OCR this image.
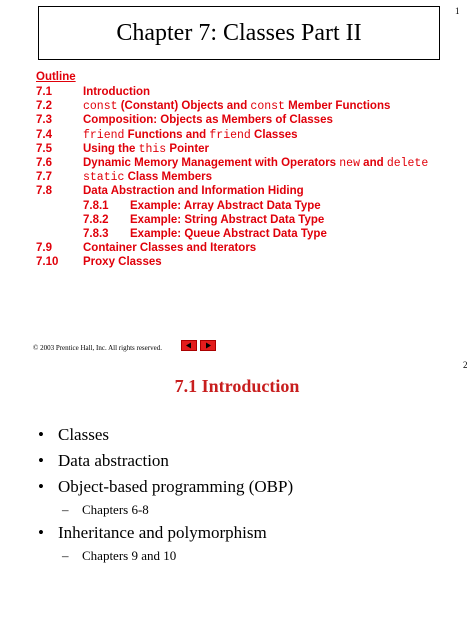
1
Chapter 7: Classes Part II
Outline
7.1	Introduction
7.2	const (Constant) Objects and const Member Functions
7.3	Composition: Objects as Members of Classes
7.4	friend Functions and friend Classes
7.5	Using the this Pointer
7.6	Dynamic Memory Management with Operators new and delete
7.7	static Class Members
7.8	Data Abstraction and Information Hiding
7.8.1 Example: Array Abstract Data Type
7.8.2 Example: String Abstract Data Type
7.8.3 Example: Queue Abstract Data Type
7.9	Container Classes and Iterators
7.10 Proxy Classes
© 2003 Prentice Hall, Inc. All rights reserved.
2
7.1 Introduction
• Classes
• Data abstraction
• Object-based programming (OBP)
– Chapters 6-8
• Inheritance and polymorphism
– Chapters 9 and 10
